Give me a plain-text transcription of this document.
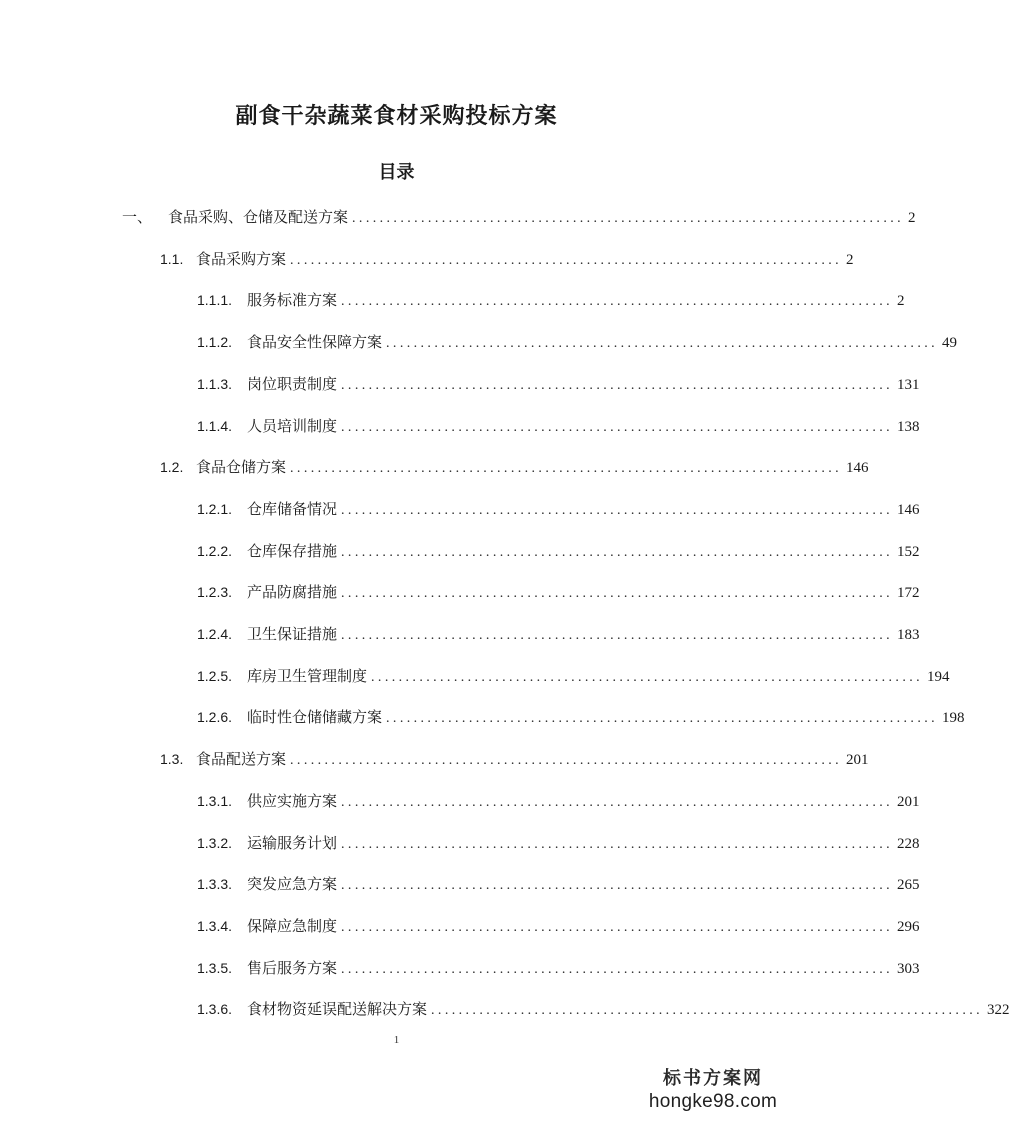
副食干杂蔬菜食材采购投标方案
目录
一、	食品采购、仓储及配送方案 ................................................................................ 2
1.1. 食品采购方案 ................................................................................ 2
1.1.1. 服务标准方案 ................................................................................ 2
1.1.2. 食品安全性保障方案 ................................................................................ 49
1.1.3. 岗位职责制度 ................................................................................ 131
1.1.4. 人员培训制度 ................................................................................ 138
1.2. 食品仓储方案 ................................................................................ 146
1.2.1. 仓库储备情况 ................................................................................ 146
1.2.2. 仓库保存措施 ................................................................................ 152
1.2.3. 产品防腐措施 ................................................................................ 172
1.2.4. 卫生保证措施 ................................................................................ 183
1.2.5. 库房卫生管理制度 ................................................................................ 194
1.2.6. 临时性仓储储藏方案 ................................................................................ 198
1.3. 食品配送方案 ................................................................................ 201
1.3.1. 供应实施方案 ................................................................................ 201
1.3.2. 运输服务计划 ................................................................................ 228
1.3.3. 突发应急方案 ................................................................................ 265
1.3.4. 保障应急制度 ................................................................................ 296
1.3.5. 售后服务方案 ................................................................................ 303
1.3.6. 食材物资延误配送解决方案 ................................................................................ 322
1
标书方案网
hongke98.com
